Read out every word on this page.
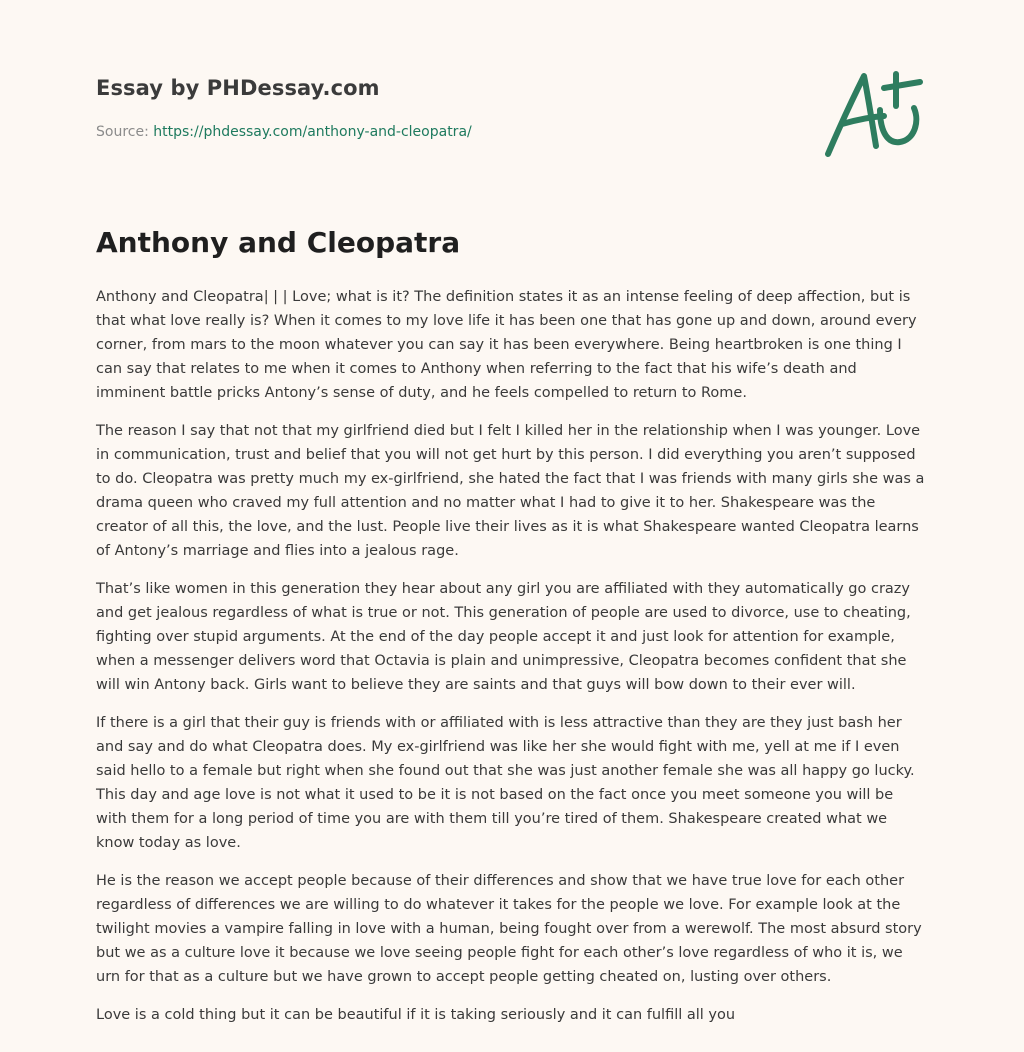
Essay by PHDessay.com
Source: https://phdessay.com/anthony-and-cleopatra/
Anthony and Cleopatra

Anthony and Cleopatra| | | Love; what is it? The definition states it as an intense feeling of deep affection, but is that what love really is? When it comes to my love life it has been one that has gone up and down, around every corner, from mars to the moon whatever you can say it has been everywhere. Being heartbroken is one thing I can say that relates to me when it comes to Anthony when referring to the fact that his wife’s death and imminent battle pricks Antony’s sense of duty, and he feels compelled to return to Rome.

The reason I say that not that my girlfriend died but I felt I killed her in the relationship when I was younger. Love in communication, trust and belief that you will not get hurt by this person. I did everything you aren’t supposed to do. Cleopatra was pretty much my ex-girlfriend, she hated the fact that I was friends with many girls she was a drama queen who craved my full attention and no matter what I had to give it to her. Shakespeare was the creator of all this, the love, and the lust. People live their lives as it is what Shakespeare wanted Cleopatra learns of Antony’s marriage and flies into a jealous rage.

That’s like women in this generation they hear about any girl you are affiliated with they automatically go crazy and get jealous regardless of what is true or not. This generation of people are used to divorce, use to cheating, fighting over stupid arguments. At the end of the day people accept it and just look for attention for example, when a messenger delivers word that Octavia is plain and unimpressive, Cleopatra becomes confident that she will win Antony back. Girls want to believe they are saints and that guys will bow down to their ever will.

If there is a girl that their guy is friends with or affiliated with is less attractive than they are they just bash her and say and do what Cleopatra does. My ex-girlfriend was like her she would fight with me, yell at me if I even said hello to a female but right when she found out that she was just another female she was all happy go lucky. This day and age love is not what it used to be it is not based on the fact once you meet someone you will be with them for a long period of time you are with them till you’re tired of them. Shakespeare created what we know today as love.

He is the reason we accept people because of their differences and show that we have true love for each other regardless of differences we are willing to do whatever it takes for the people we love. For example look at the twilight movies a vampire falling in love with a human, being fought over from a werewolf. The most absurd story but we as a culture love it because we love seeing people fight for each other’s love regardless of who it is, we urn for that as a culture but we have grown to accept people getting cheated on, lusting over others.

Love is a cold thing but it can be beautiful if it is taking seriously and it can fulfill all you
